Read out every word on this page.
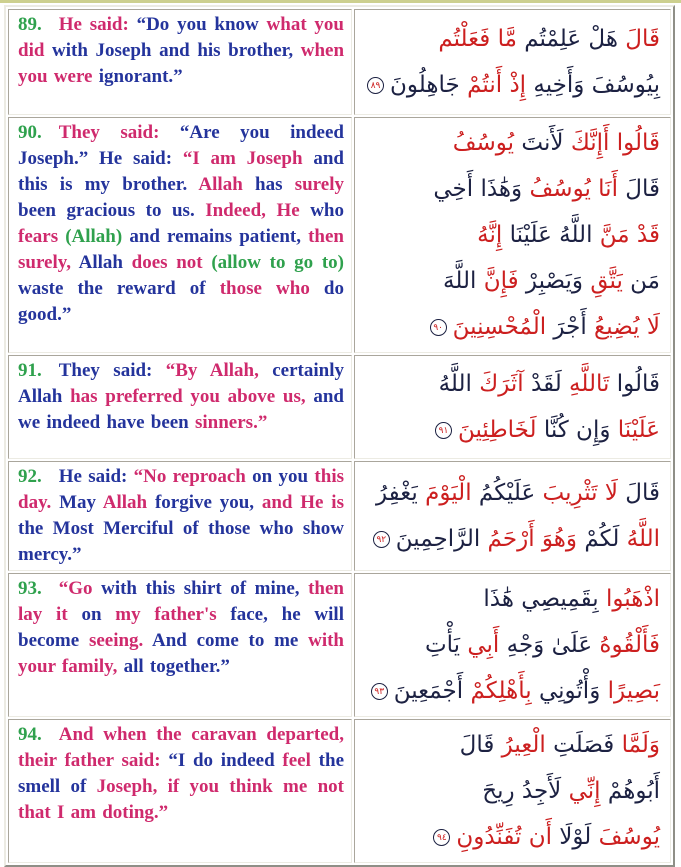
89. He said: “Do you know what you did with Joseph and his brother, when you were ignorant.”	قَالَ هَلْ عَلِمْتُم مَّا فَعَلْتُم
بِيُوسُفَ وَأَخِيهِ إِذْ أَنتُمْ جَاهِلُونَ٨٩

90. They said: “Are you indeed Joseph.” He said: “I am Joseph and this is my brother. Allah has surely been gracious to us. Indeed, He who fears (Allah) and remains patient, then surely, Allah does not (allow to go to) waste the reward of those who do good.”

قَالُوا أَإِنَّكَ لَأَنتَ يُوسُفُ
قَالَ أَنَا يُوسُفُ وَهَٰذَا أَخِي
قَدْ مَنَّ اللَّهُ عَلَيْنَا إِنَّهُ
مَن يَتَّقِ وَيَصْبِرْ فَإِنَّ اللَّهَ
لَا يُضِيعُ أَجْرَ الْمُحْسِنِينَ٩٠

91. They said: “By Allah, certainly Allah has preferred you above us, and we indeed have been sinners.”	قَالُوا تَاللَّهِ لَقَدْ آثَرَكَ اللَّهُ
عَلَيْنَا وَإِن كُنَّا لَخَاطِئِينَ٩١

92. He said: “No reproach on you this day. May Allah forgive you, and He is the Most Merciful of those who show mercy.”	قَالَ لَا تَثْرِيبَ عَلَيْكُمُ الْيَوْمَ يَغْفِرُ
اللَّهُ لَكُمْ وَهُوَ أَرْحَمُ الرَّاحِمِينَ٩٢

93. “Go with this shirt of mine, then lay it on my father's face, he will become seeing. And come to me with your family, all together.”	اذْهَبُوا بِقَمِيصِي هَٰذَا
فَأَلْقُوهُ عَلَىٰ وَجْهِ أَبِي يَأْتِ
بَصِيرًا وَأْتُونِي بِأَهْلِكُمْ أَجْمَعِينَ٩٣

94. And when the caravan departed, their father said: “I do indeed feel the smell of Joseph, if you think me not that I am doting.”	وَلَمَّا فَصَلَتِ الْعِيرُ قَالَ
أَبُوهُمْ إِنِّي لَأَجِدُ رِيحَ
يُوسُفَ لَوْلَا أَن تُفَنِّدُونِ٩٤
